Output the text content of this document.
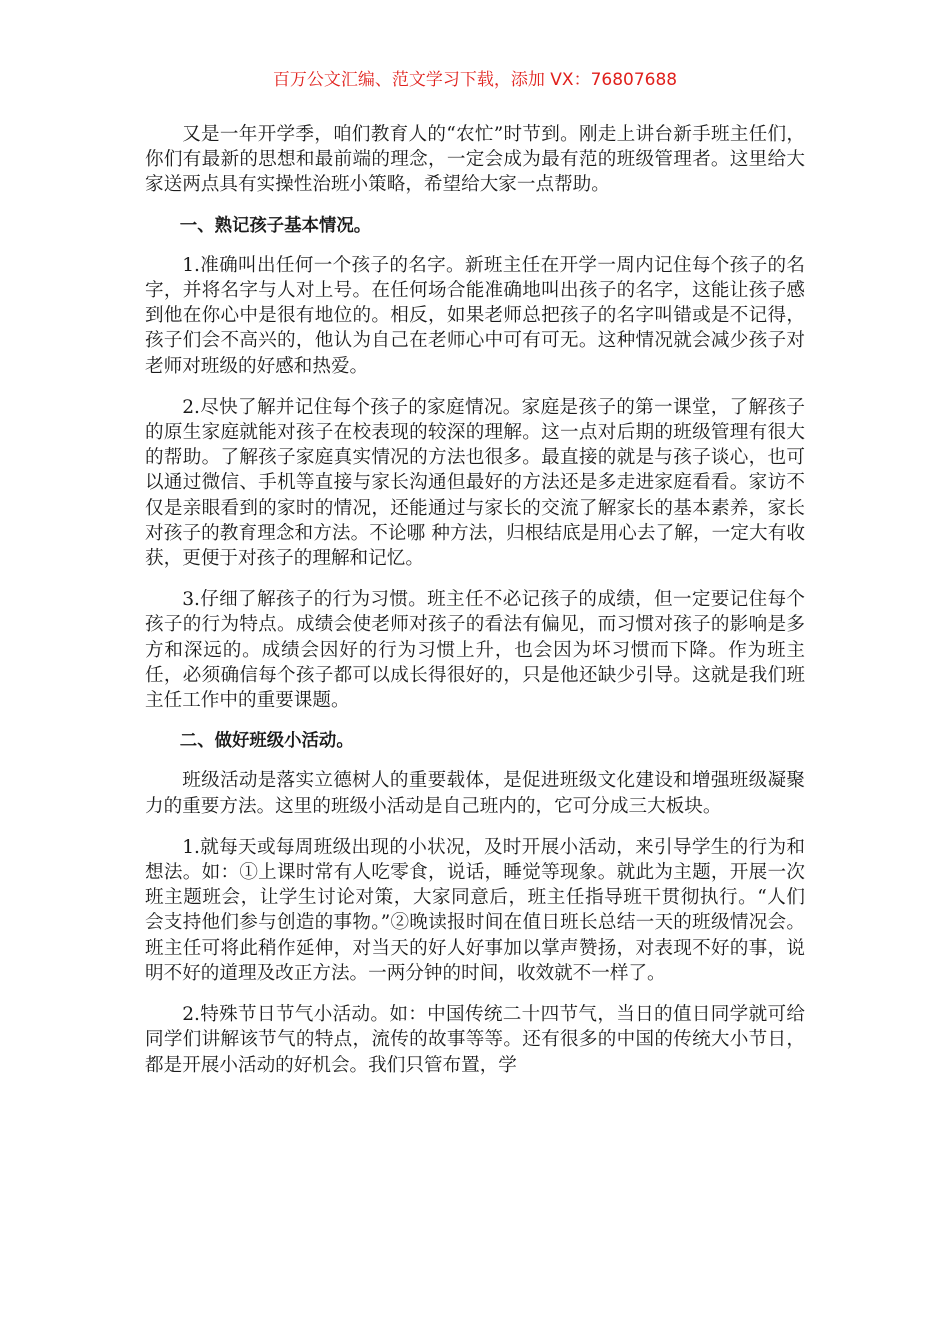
百万公文汇编、范文学习下载，添加 VX：76807688

又是一年开学季，咱们教育人的“农忙”时节到。刚走上讲台新手班主任们，你们有最新的思想和最前端的理念，一定会成为最有范的班级管理者。这里给大家送两点具有实操性治班小策略，希望给大家一点帮助。

一、熟记孩子基本情况。

1.准确叫出任何一个孩子的名字。新班主任在开学一周内记住每个孩子的名字，并将名字与人对上号。在任何场合能准确地叫出孩子的名字，这能让孩子感到他在你心中是很有地位的。相反，如果老师总把孩子的名字叫错或是不记得，孩子们会不高兴的，他认为自己在老师心中可有可无。这种情况就会减少孩子对老师对班级的好感和热爱。

2.尽快了解并记住每个孩子的家庭情况。家庭是孩子的第一课堂，了解孩子的原生家庭就能对孩子在校表现的较深的理解。这一点对后期的班级管理有很大的帮助。了解孩子家庭真实情况的方法也很多。最直接的就是与孩子谈心，也可以通过微信、手机等直接与家长沟通但最好的方法还是多走进家庭看看。家访不仅是亲眼看到的家时的情况，还能通过与家长的交流了解家长的基本素养，家长对孩子的教育理念和方法。不论哪 种方法，归根结底是用心去了解，一定大有收获，更便于对孩子的理解和记忆。

3.仔细了解孩子的行为习惯。班主任不必记孩子的成绩，但一定要记住每个孩子的行为特点。成绩会使老师对孩子的看法有偏见，而习惯对孩子的影响是多方和深远的。成绩会因好的行为习惯上升，也会因为坏习惯而下降。作为班主任，必须确信每个孩子都可以成长得很好的，只是他还缺少引导。这就是我们班主任工作中的重要课题。

二、做好班级小活动。

班级活动是落实立德树人的重要载体，是促进班级文化建设和增强班级凝聚力的重要方法。这里的班级小活动是自己班内的，它可分成三大板块。

1.就每天或每周班级出现的小状况，及时开展小活动，来引导学生的行为和想法。如：①上课时常有人吃零食，说话，睡觉等现象。就此为主题，开展一次班主题班会，让学生讨论对策，大家同意后，班主任指导班干贯彻执行。“人们会支持他们参与创造的事物。”②晚读报时间在值日班长总结一天的班级情况会。班主任可将此稍作延伸，对当天的好人好事加以掌声赞扬，对表现不好的事，说明不好的道理及改正方法。一两分钟的时间，收效就不一样了。

2.特殊节日节气小活动。如：中国传统二十四节气，当日的值日同学就可给同学们讲解该节气的特点，流传的故事等等。还有很多的中国的传统大小节日，都是开展小活动的好机会。我们只管布置，学
